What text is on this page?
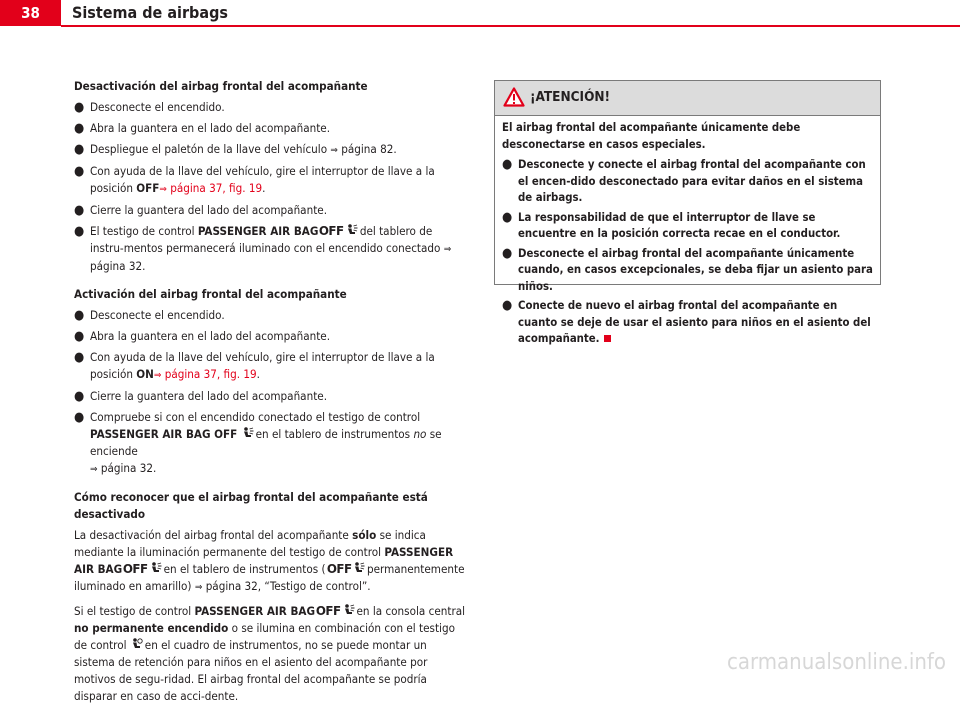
38	Sistema de airbags
Desactivación del airbag frontal del acompañante
● Desconecte el encendido.
● Abra la guantera en el lado del acompañante.
● Despliegue el paletón de la llave del vehículo ⇒ página 82.
● Con ayuda de la llave del vehículo, gire el interruptor de llave a la posición OFF⇒ página 37, fig. 19.
● Cierre la guantera del lado del acompañante.
● El testigo de control PASSENGER AIR BAGOFF del tablero de instru-mentos permanecerá iluminado con el encendido conectado ⇒ página 32.
Activación del airbag frontal del acompañante
● Desconecte el encendido.
● Abra la guantera en el lado del acompañante.
● Con ayuda de la llave del vehículo, gire el interruptor de llave a la posición ON⇒ página 37, fig. 19.
● Cierre la guantera del lado del acompañante.
● Compruebe si con el encendido conectado el testigo de control PASSENGER AIR BAG OFF en el tablero de instrumentos no se enciende
⇒ página 32.
Cómo reconocer que el airbag frontal del acompañante está desactivado
La desactivación del airbag frontal del acompañante sólo se indica mediante la iluminación permanente del testigo de control PASSENGER AIR BAGOFF en el tablero de instrumentos (OFF permanentemente iluminado en amarillo) ⇒ página 32, “Testigo de control”.
Si el testigo de control PASSENGER AIR BAGOFF en la consola central no permanente encendido o se ilumina en combinación con el testigo de control en el cuadro de instrumentos, no se puede montar un sistema de retención para niños en el asiento del acompañante por motivos de segu-ridad. El airbag frontal del acompañante se podría disparar en caso de acci-dente.
¡ATENCIÓN!
El airbag frontal del acompañante únicamente debe desconectarse en casos especiales.
● Desconecte y conecte el airbag frontal del acompañante con el encen-dido desconectado para evitar daños en el sistema de airbags.
● La responsabilidad de que el interruptor de llave se encuentre en la posición correcta recae en el conductor.
● Desconecte el airbag frontal del acompañante únicamente cuando, en casos excepcionales, se deba fijar un asiento para niños.
● Conecte de nuevo el airbag frontal del acompañante en cuanto se deje de usar el asiento para niños en el asiento del acompañante.
carmanualsonline.info
